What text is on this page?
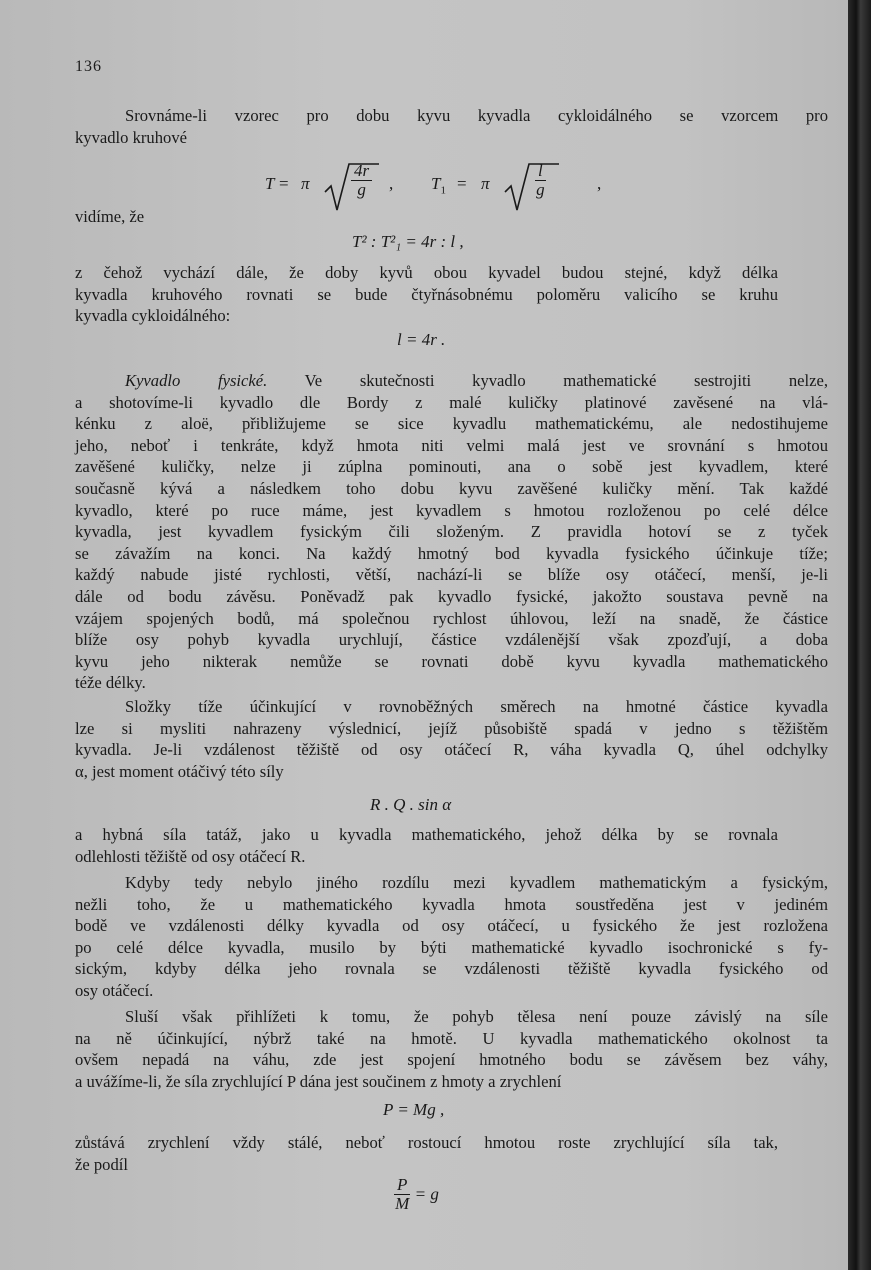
136
Srovnáme-li vzorec pro dobu kyvu kyvadla cykloidálného se vzorcem pro
kyvadlo kruhové
T = π $\frac{4r}{g}$ , $T_1 = \pi$	$\frac{l}{g}$	,
vidíme, že
T² : T²₁ = 4r : l ,
z čehož vychází dále, že doby kyvů obou kyvadel budou stejné, když délka
kyvadla kruhového rovnati se bude čtyřnásobnému poloměru valicího se kruhu
kyvadla cykloidálného:
l = 4r .
Kyvadlo fysické. Ve skutečnosti kyvadlo mathematické sestrojiti nelze,
a shotovíme-li kyvadlo dle Bordy z malé kuličky platinové zavěsené na vlá-
kénku z aloë, přibližujeme se sice kyvadlu mathematickému, ale nedostihujeme
jeho, neboť i tenkráte, když hmota niti velmi malá jest ve srovnání s hmotou
zavěšené kuličky, nelze ji zúplna pominouti, ana o sobě jest kyvadlem, které
současně kývá a následkem toho dobu kyvu zavěšené kuličky mění. Tak každé
kyvadlo, které po ruce máme, jest kyvadlem s hmotou rozloženou po celé délce
kyvadla, jest kyvadlem fysickým čili složeným. Z pravidla hotoví se z tyček
se závažím na konci. Na každý hmotný bod kyvadla fysického účinkuje tíže;
každý nabude jisté rychlosti, větší, nachází-li se blíže osy otáčecí, menší, je-li
dále od bodu závěsu. Poněvadž pak kyvadlo fysické, jakožto soustava pevně na
vzájem spojených bodů, má společnou rychlost úhlovou, leží na snadě, že částice
blíže osy pohyb kyvadla urychlují, částice vzdálenější však zpozďují, a doba
kyvu jeho nikterak nemůže se rovnati době kyvu kyvadla mathematického
téže délky.
Složky tíže účinkující v rovnoběžných směrech na hmotné částice kyvadla
lze si mysliti nahrazeny výslednicí, jejíž působiště spadá v jedno s těžištěm
kyvadla. Je-li vzdálenost těžiště od osy otáčecí R, váha kyvadla Q, úhel odchylky
α, jest moment otáčivý této síly
R . Q . sin α
a hybná síla tatáž, jako u kyvadla mathematického, jehož délka by se rovnala
odlehlosti těžiště od osy otáčecí R.
Kdyby tedy nebylo jiného rozdílu mezi kyvadlem mathematickým a fysickým,
nežli toho, že u mathematického kyvadla hmota soustředěna jest v jediném
bodě ve vzdálenosti délky kyvadla od osy otáčecí, u fysického že jest rozložena
po celé délce kyvadla, musilo by býti mathematické kyvadlo isochronické s fy-
sickým, kdyby délka jeho rovnala se vzdálenosti těžiště kyvadla fysického od
osy otáčecí.
Sluší však přihlížeti k tomu, že pohyb tělesa není pouze závislý na síle
na ně účinkující, nýbrž také na hmotě. U kyvadla mathematického okolnost ta
ovšem nepadá na váhu, zde jest spojení hmotného bodu se závěsem bez váhy,
a uvážíme-li, že síla zrychlující P dána jest součinem z hmoty a zrychlení
P = Mg ,
zůstává zrychlení vždy stálé, neboť rostoucí hmotou roste zrychlující síla tak,
že podíl
$\frac{P}{M} = g$
